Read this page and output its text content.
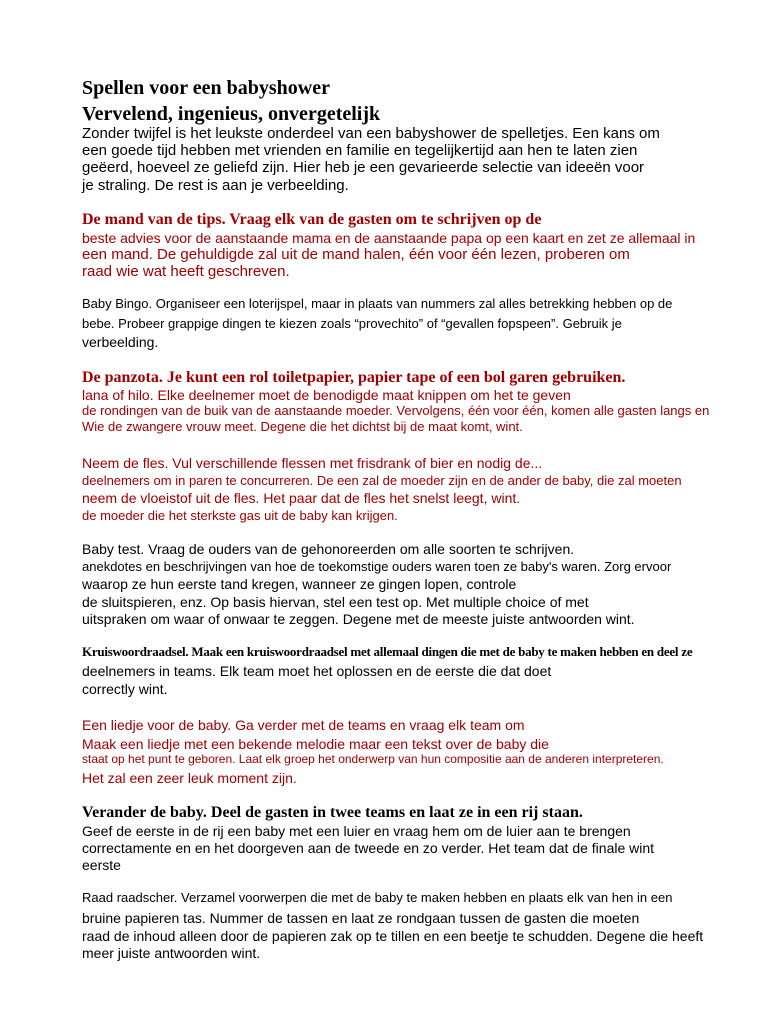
Spellen voor een babyshower
Vervelend, ingenieus, onvergetelijk
Zonder twijfel is het leukste onderdeel van een babyshower de spelletjes. Een kans om
een goede tijd hebben met vrienden en familie en tegelijkertijd aan hen te laten zien
geëerd, hoeveel ze geliefd zijn. Hier heb je een gevarieerde selectie van ideeën voor
je straling. De rest is aan je verbeelding.
De mand van de tips. Vraag elk van de gasten om te schrijven op de
beste advies voor de aanstaande mama en de aanstaande papa op een kaart en zet ze allemaal in
een mand. De gehuldigde zal uit de mand halen, één voor één lezen, proberen om
raad wie wat heeft geschreven.
Baby Bingo. Organiseer een loterijspel, maar in plaats van nummers zal alles betrekking hebben op de
bebe. Probeer grappige dingen te kiezen zoals “provechito” of “gevallen fopspeen”. Gebruik je
verbeelding.
De panzota. Je kunt een rol toiletpapier, papier tape of een bol garen gebruiken.
lana of hilo. Elke deelnemer moet de benodigde maat knippen om het te geven
de rondingen van de buik van de aanstaande moeder. Vervolgens, één voor één, komen alle gasten langs en
Wie de zwangere vrouw meet. Degene die het dichtst bij de maat komt, wint.
Neem de fles. Vul verschillende flessen met frisdrank of bier en nodig de...
deelnemers om in paren te concurreren. De een zal de moeder zijn en de ander de baby, die zal moeten
neem de vloeistof uit de fles. Het paar dat de fles het snelst leegt, wint.
de moeder die het sterkste gas uit de baby kan krijgen.
Baby test. Vraag de ouders van de gehonoreerden om alle soorten te schrijven.
anekdotes en beschrijvingen van hoe de toekomstige ouders waren toen ze baby's waren. Zorg ervoor
waarop ze hun eerste tand kregen, wanneer ze gingen lopen, controle
de sluitspieren, enz. Op basis hiervan, stel een test op. Met multiple choice of met
uitspraken om waar of onwaar te zeggen. Degene met de meeste juiste antwoorden wint.
Kruiswoordraadsel. Maak een kruiswoordraadsel met allemaal dingen die met de baby te maken hebben en deel ze
deelnemers in teams. Elk team moet het oplossen en de eerste die dat doet
correctly wint.
Een liedje voor de baby. Ga verder met de teams en vraag elk team om
Maak een liedje met een bekende melodie maar een tekst over de baby die
staat op het punt te geboren. Laat elk groep het onderwerp van hun compositie aan de anderen interpreteren.
Het zal een zeer leuk moment zijn.
Verander de baby. Deel de gasten in twee teams en laat ze in een rij staan.
Geef de eerste in de rij een baby met een luier en vraag hem om de luier aan te brengen
correctamente en en het doorgeven aan de tweede en zo verder. Het team dat de finale wint
eerste
Raad raadscher. Verzamel voorwerpen die met de baby te maken hebben en plaats elk van hen in een
bruine papieren tas. Nummer de tassen en laat ze rondgaan tussen de gasten die moeten
raad de inhoud alleen door de papieren zak op te tillen en een beetje te schudden. Degene die heeft
meer juiste antwoorden wint.
